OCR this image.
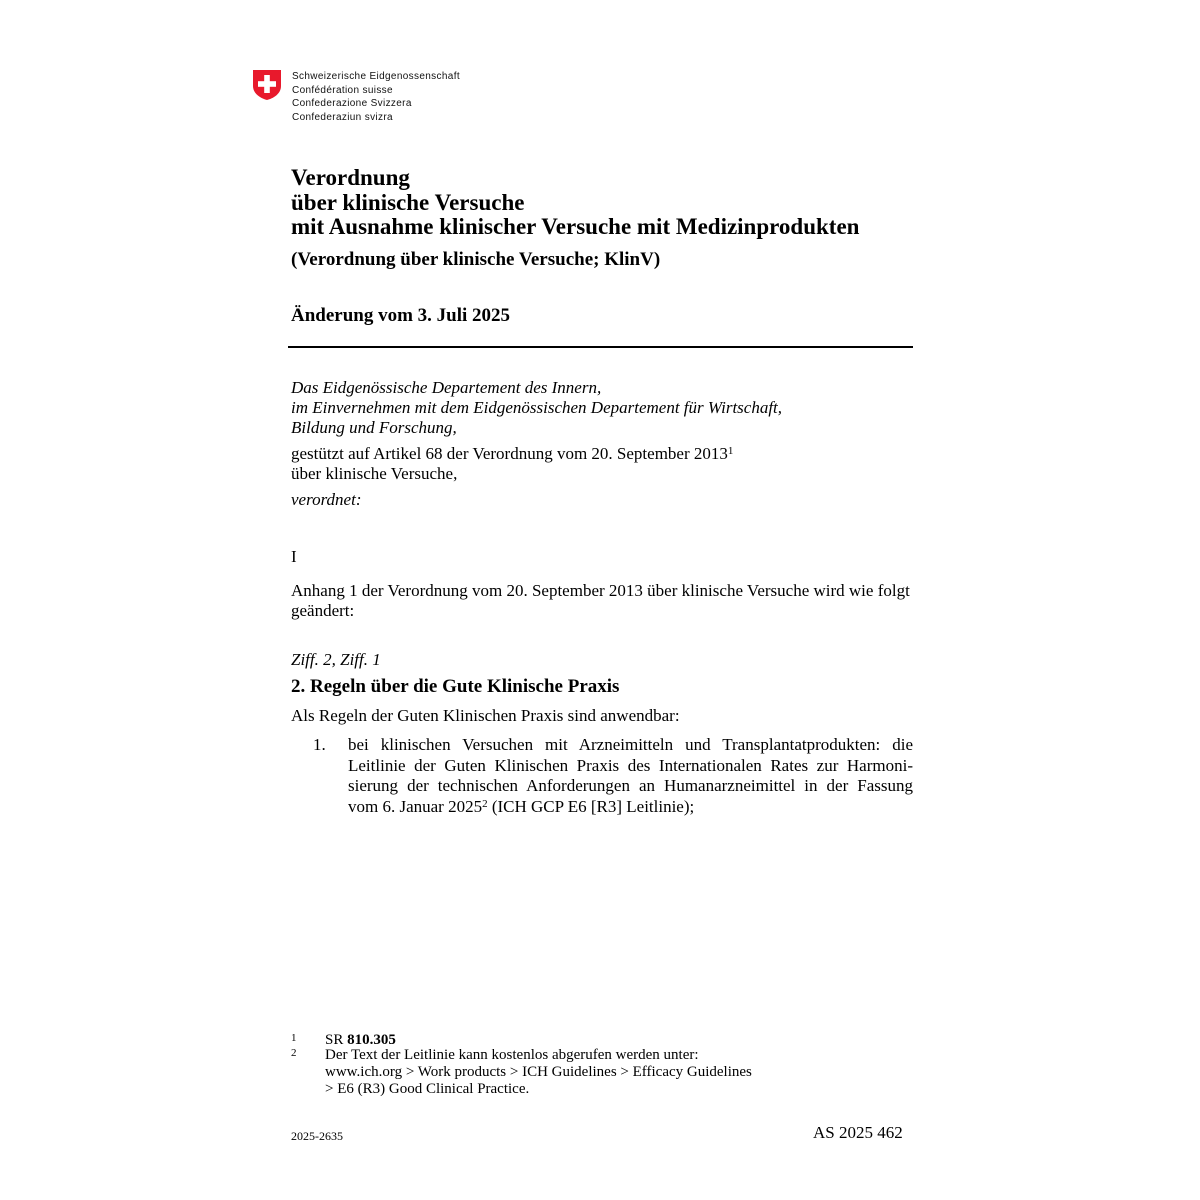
Schweizerische Eidgenossenschaft
Confédération suisse
Confederazione Svizzera
Confederaziun svizra
Verordnung
über klinische Versuche
mit Ausnahme klinischer Versuche mit Medizinprodukten
(Verordnung über klinische Versuche; KlinV)
Änderung vom 3. Juli 2025
Das Eidgenössische Departement des Innern,
im Einvernehmen mit dem Eidgenössischen Departement für Wirtschaft,
Bildung und Forschung,
gestützt auf Artikel 68 der Verordnung vom 20. September 2013$^1$
über klinische Versuche,
verordnet:
I
Anhang 1 der Verordnung vom 20. September 2013 über klinische Versuche wird wie folgt geändert:
Ziff. 2, Ziff. 1
2. Regeln über die Gute Klinische Praxis
Als Regeln der Guten Klinischen Praxis sind anwendbar:
1. bei klinischen Versuchen mit Arzneimitteln und Transplantatprodukten: die
Leitlinie der Guten Klinischen Praxis des Internationalen Rates zur Harmoni-
sierung der technischen Anforderungen an Humanarzneimittel in der Fassung
vom 6. Januar 2025$^2$ (ICH GCP E6 [R3] Leitlinie);
1 SR 810.305
2 Der Text der Leitlinie kann kostenlos abgerufen werden unter:
www.ich.org > Work products > ICH Guidelines > Efficacy Guidelines
> E6 (R3) Good Clinical Practice.
2025-2635	AS 2025 462
